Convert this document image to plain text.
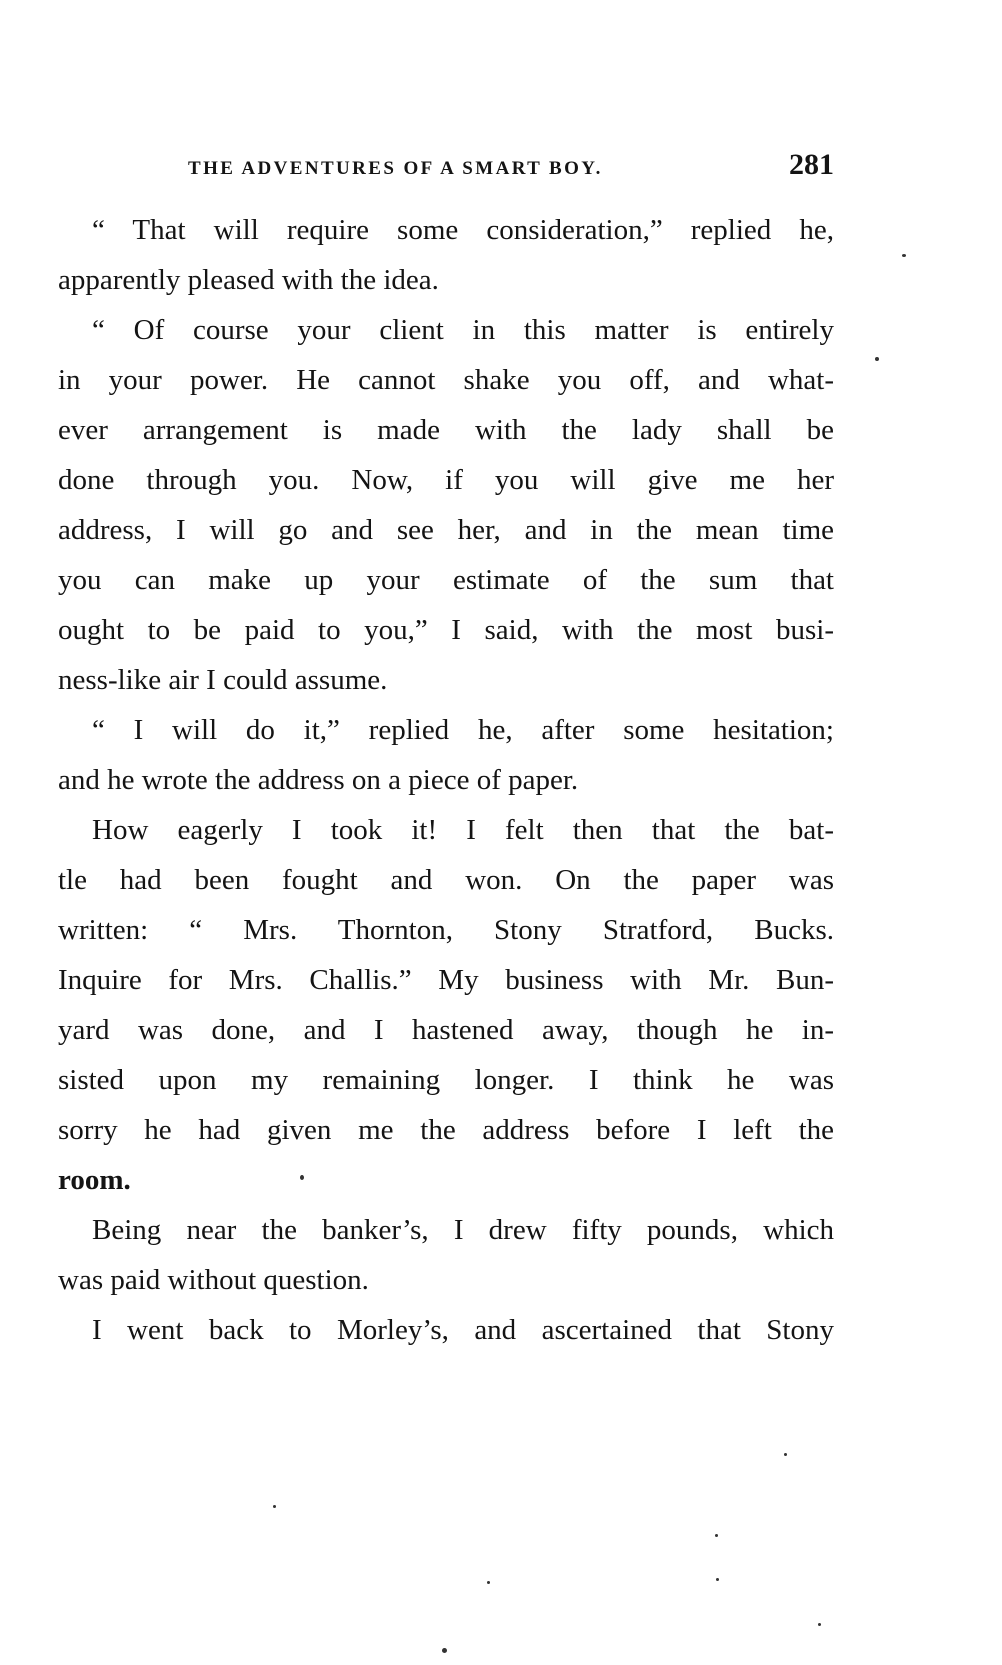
THE ADVENTURES OF A SMART BOY.	281
“ That will require some consideration,” replied he,
apparently pleased with the idea.
“ Of course your client in this matter is entirely
in your power. He cannot shake you off, and what-
ever arrangement is made with the lady shall be
done through you. Now, if you will give me her
address, I will go and see her, and in the mean time
you can make up your estimate of the sum that
ought to be paid to you,” I said, with the most busi-
ness-like air I could assume.
“ I will do it,” replied he, after some hesitation;
and he wrote the address on a piece of paper.
How eagerly I took it! I felt then that the bat-
tle had been fought and won. On the paper was
written: “ Mrs. Thornton, Stony Stratford, Bucks.
Inquire for Mrs. Challis.” My business with Mr. Bun-
yard was done, and I hastened away, though he in-
sisted upon my remaining longer. I think he was
sorry he had given me the address before I left the
room.
Being near the banker’s, I drew fifty pounds, which
was paid without question.
I went back to Morley’s, and ascertained that Stony
